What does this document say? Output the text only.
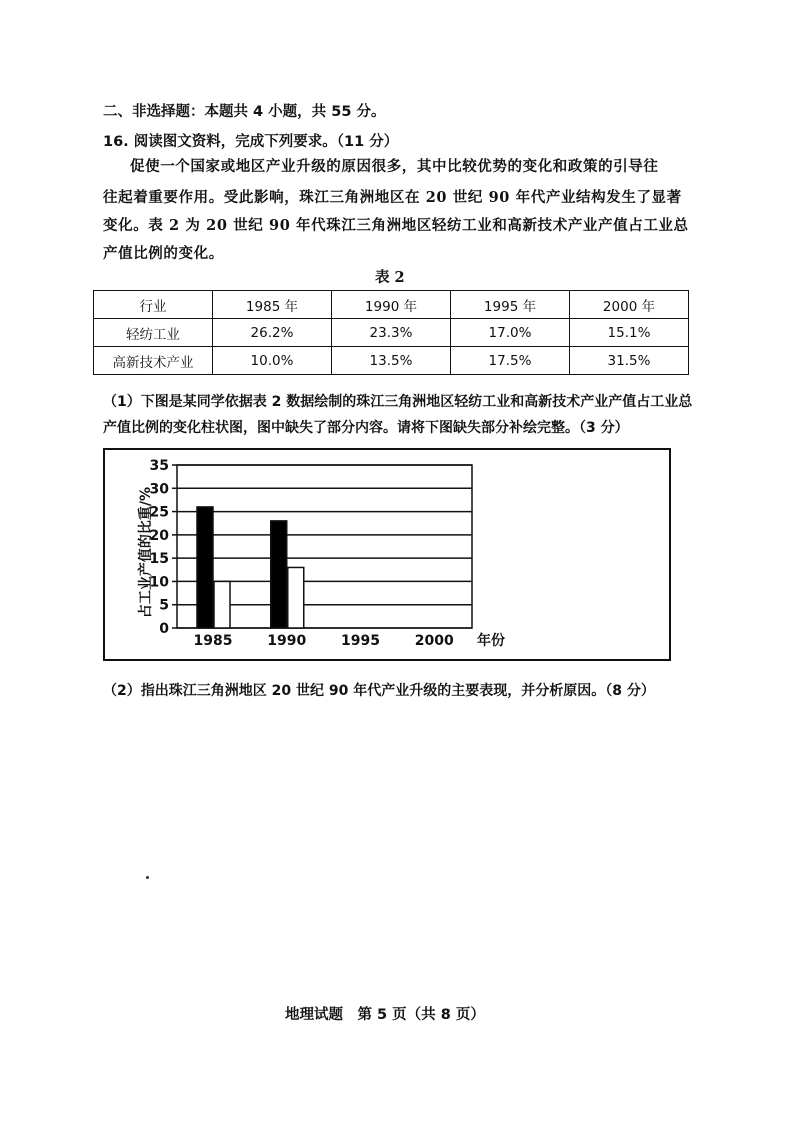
二、非选择题：本题共 4 小题，共 55 分。
16. 阅读图文资料，完成下列要求。（11 分）
促使一个国家或地区产业升级的原因很多，其中比较优势的变化和政策的引导往
往起着重要作用。受此影响，珠江三角洲地区在 20 世纪 90 年代产业结构发生了显著
变化。表 2 为 20 世纪 90 年代珠江三角洲地区轻纺工业和高新技术产业产值占工业总
产值比例的变化。
表 2
行业	1985 年	1990 年	1995 年	2000 年
轻纺工业	26.2%	23.3%	17.0%	15.1%
高新技术产业	10.0%	13.5%	17.5%	31.5%
（1）下图是某同学依据表 2 数据绘制的珠江三角洲地区轻纺工业和高新技术产业产值占工业总产值比例的变化柱状图，图中缺失了部分内容。请将下图缺失部分补绘完整。（3 分）
0
5
10
15
20
25
30
35
1985 1990 1995 2000 年份
占工业产值的比重/%
（2）指出珠江三角洲地区 20 世纪 90 年代产业升级的主要表现，并分析原因。（8 分）
地理试题　第 5 页（共 8 页）
